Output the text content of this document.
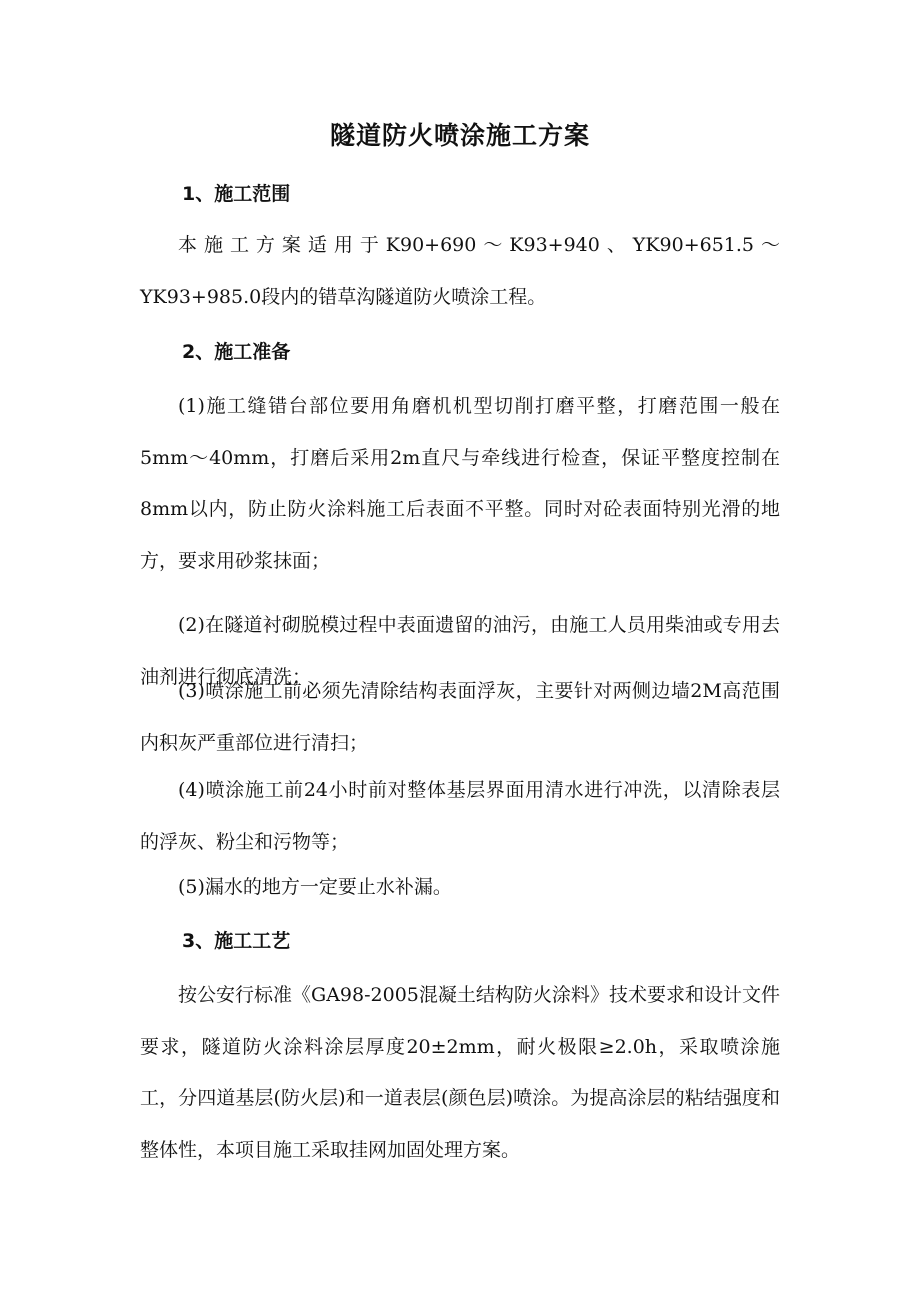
隧道防火喷涂施工方案
1、施工范围
本施工方案适用于K90+690～K93+940、YK90+651.5～YK93+985.0段内的错草沟隧道防火喷涂工程。
2、施工准备
(1)施工缝错台部位要用角磨机机型切削打磨平整，打磨范围一般在5mm～40mm，打磨后采用2m直尺与牵线进行检查，保证平整度控制在8mm以内，防止防火涂料施工后表面不平整。同时对砼表面特别光滑的地方，要求用砂浆抹面；
(2)在隧道衬砌脱模过程中表面遗留的油污，由施工人员用柴油或专用去油剂进行彻底清洗；
(3)喷涂施工前必须先清除结构表面浮灰，主要针对两侧边墙2M高范围内积灰严重部位进行清扫；
(4)喷涂施工前24小时前对整体基层界面用清水进行冲洗，以清除表层的浮灰、粉尘和污物等；
(5)漏水的地方一定要止水补漏。
3、施工工艺
按公安行标准《GA98-2005混凝土结构防火涂料》技术要求和设计文件要求，隧道防火涂料涂层厚度20±2mm，耐火极限≥2.0h，采取喷涂施工，分四道基层(防火层)和一道表层(颜色层)喷涂。为提高涂层的粘结强度和整体性，本项目施工采取挂网加固处理方案。
